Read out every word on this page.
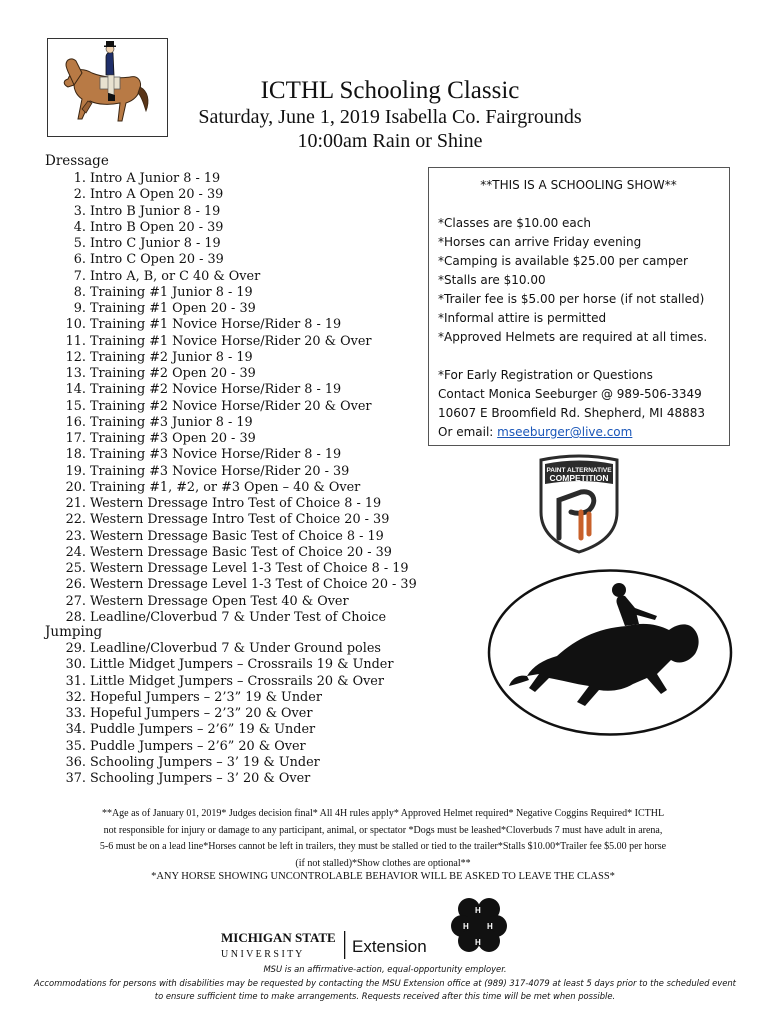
ICTHL Schooling Classic
Saturday, June 1, 2019 Isabella Co. Fairgrounds
10:00am Rain or Shine
Dressage
1. Intro A Junior 8 - 19
2. Intro A Open 20 - 39
3. Intro B Junior 8 - 19
4. Intro B Open 20 - 39
5. Intro C Junior 8 - 19
6. Intro C Open 20 - 39
7. Intro A, B, or C 40 & Over
8. Training #1 Junior 8 - 19
9. Training #1 Open 20 - 39
10. Training #1 Novice Horse/Rider 8 - 19
11. Training #1 Novice Horse/Rider 20 & Over
12. Training #2 Junior 8 - 19
13. Training #2 Open 20 - 39
14. Training #2 Novice Horse/Rider 8 - 19
15. Training #2 Novice Horse/Rider 20 & Over
16. Training #3 Junior 8 - 19
17. Training #3 Open 20 - 39
18. Training #3 Novice Horse/Rider 8 - 19
19. Training #3 Novice Horse/Rider 20 - 39
20. Training #1, #2, or #3 Open – 40 & Over
21. Western Dressage Intro Test of Choice 8 - 19
22. Western Dressage Intro Test of Choice 20 - 39
23. Western Dressage Basic Test of Choice 8 - 19
24. Western Dressage Basic Test of Choice 20 - 39
25. Western Dressage Level 1-3 Test of Choice 8 - 19
26. Western Dressage Level 1-3 Test of Choice 20 - 39
27. Western Dressage Open Test 40 & Over
28. Leadline/Cloverbud 7 & Under Test of Choice
Jumping
29. Leadline/Cloverbud 7 & Under Ground poles
30. Little Midget Jumpers – Crossrails 19 & Under
31. Little Midget Jumpers – Crossrails 20 & Over
32. Hopeful Jumpers – 2’3” 19 & Under
33. Hopeful Jumpers – 2’3” 20 & Over
34. Puddle Jumpers – 2’6” 19 & Under
35. Puddle Jumpers – 2’6” 20 & Over
36. Schooling Jumpers – 3’ 19 & Under
37. Schooling Jumpers – 3’ 20 & Over

**THIS IS A SCHOOLING SHOW**

*Classes are $10.00 each

*Horses can arrive Friday evening

*Camping is available $25.00 per camper

*Stalls are $10.00

*Trailer fee is $5.00 per horse (if not stalled)

*Informal attire is permitted

*Approved Helmets are required at all times.

*For Early Registration or Questions

Contact Monica Seeburger @ 989-506-3349

10607 E Broomfield Rd. Shepherd, MI 48883

Or email: mseeburger@live.com

PAINT ALTERNATIVE
COMPETITION

**Age as of January 01, 2019* Judges decision final* All 4H rules apply* Approved Helmet required* Negative Coggins Required* ICTHL
not responsible for injury or damage to any participant, animal, or spectator *Dogs must be leashed*Cloverbuds 7 must have adult in arena,
5-6 must be on a lead line*Horses cannot be left in trailers, they must be stalled or tied to the trailer*Stalls $10.00*Trailer fee $5.00 per horse
(if not stalled)*Show clothes are optional**

*ANY HORSE SHOWING UNCONTROLABLE BEHAVIOR WILL BE ASKED TO LEAVE THE CLASS*

MICHIGAN STATE
U N I V E R S I T Y	Extension
H
H H
H

MSU is an affirmative-action, equal-opportunity employer.

Accommodations for persons with disabilities may be requested by contacting the MSU Extension office at (989) 317-4079 at least 5 days prior to the scheduled event

to ensure sufficient time to make arrangements. Requests received after this time will be met when possible.
